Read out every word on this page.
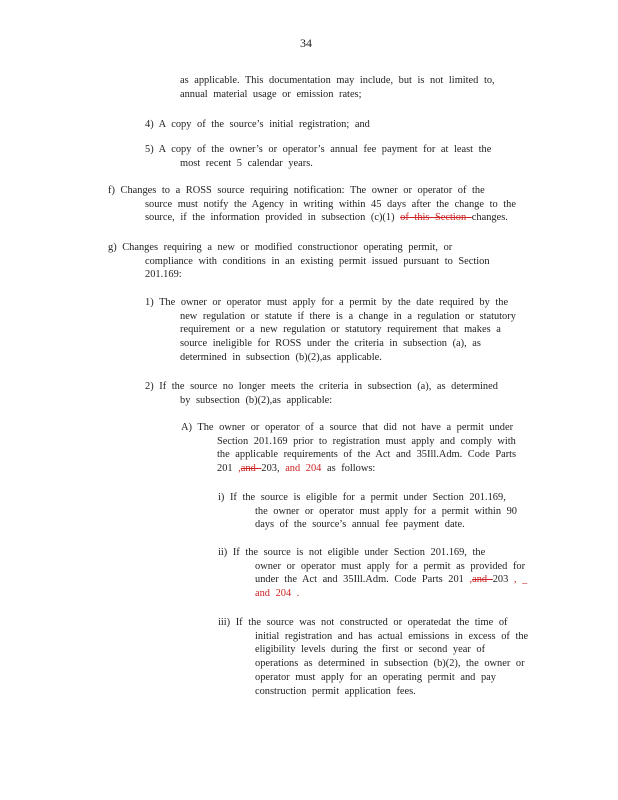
34
as applicable. This documentation may include, but is not limited to,
annual material usage or emission rates;
4) A copy of the source’s initial registration; and
5) A copy of the owner’s or operator’s annual fee payment for at least the
most recent 5 calendar years.
f) Changes to a ROSS source requiring notification: The owner or operator of the
source must notify the Agency in writing within 45 days after the change to the
source, if the information provided in subsection (c)(1) of this Section changes.
g) Changes requiring a new or modified constructionor operating permit, or
compliance with conditions in an existing permit issued pursuant to Section
201.169:
1) The owner or operator must apply for a permit by the date required by the
new regulation or statute if there is a change in a regulation or statutory
requirement or a new regulation or statutory requirement that makes a
source ineligible for ROSS under the criteria in subsection (a), as
determined in subsection (b)(2),as applicable.
2) If the source no longer meets the criteria in subsection (a), as determined
by subsection (b)(2),as applicable:
A) The owner or operator of a source that did not have a permit under
Section 201.169 prior to registration must apply and comply with
the applicable requirements of the Act and 35Ill.Adm. Code Parts
201 ,and 203, and 204 as follows:
i) If the source is eligible for a permit under Section 201.169,
the owner or operator must apply for a permit within 90
days of the source’s annual fee payment date.
ii) If the source is not eligible under Section 201.169, the
owner or operator must apply for a permit as provided for
under the Act and 35Ill.Adm. Code Parts 201 ,and 203 , _
and 204 .
iii) If the source was not constructed or operatedat the time of
initial registration and has actual emissions in excess of the
eligibility levels during the first or second year of
operations as determined in subsection (b)(2), the owner or
operator must apply for an operating permit and pay
construction permit application fees.
